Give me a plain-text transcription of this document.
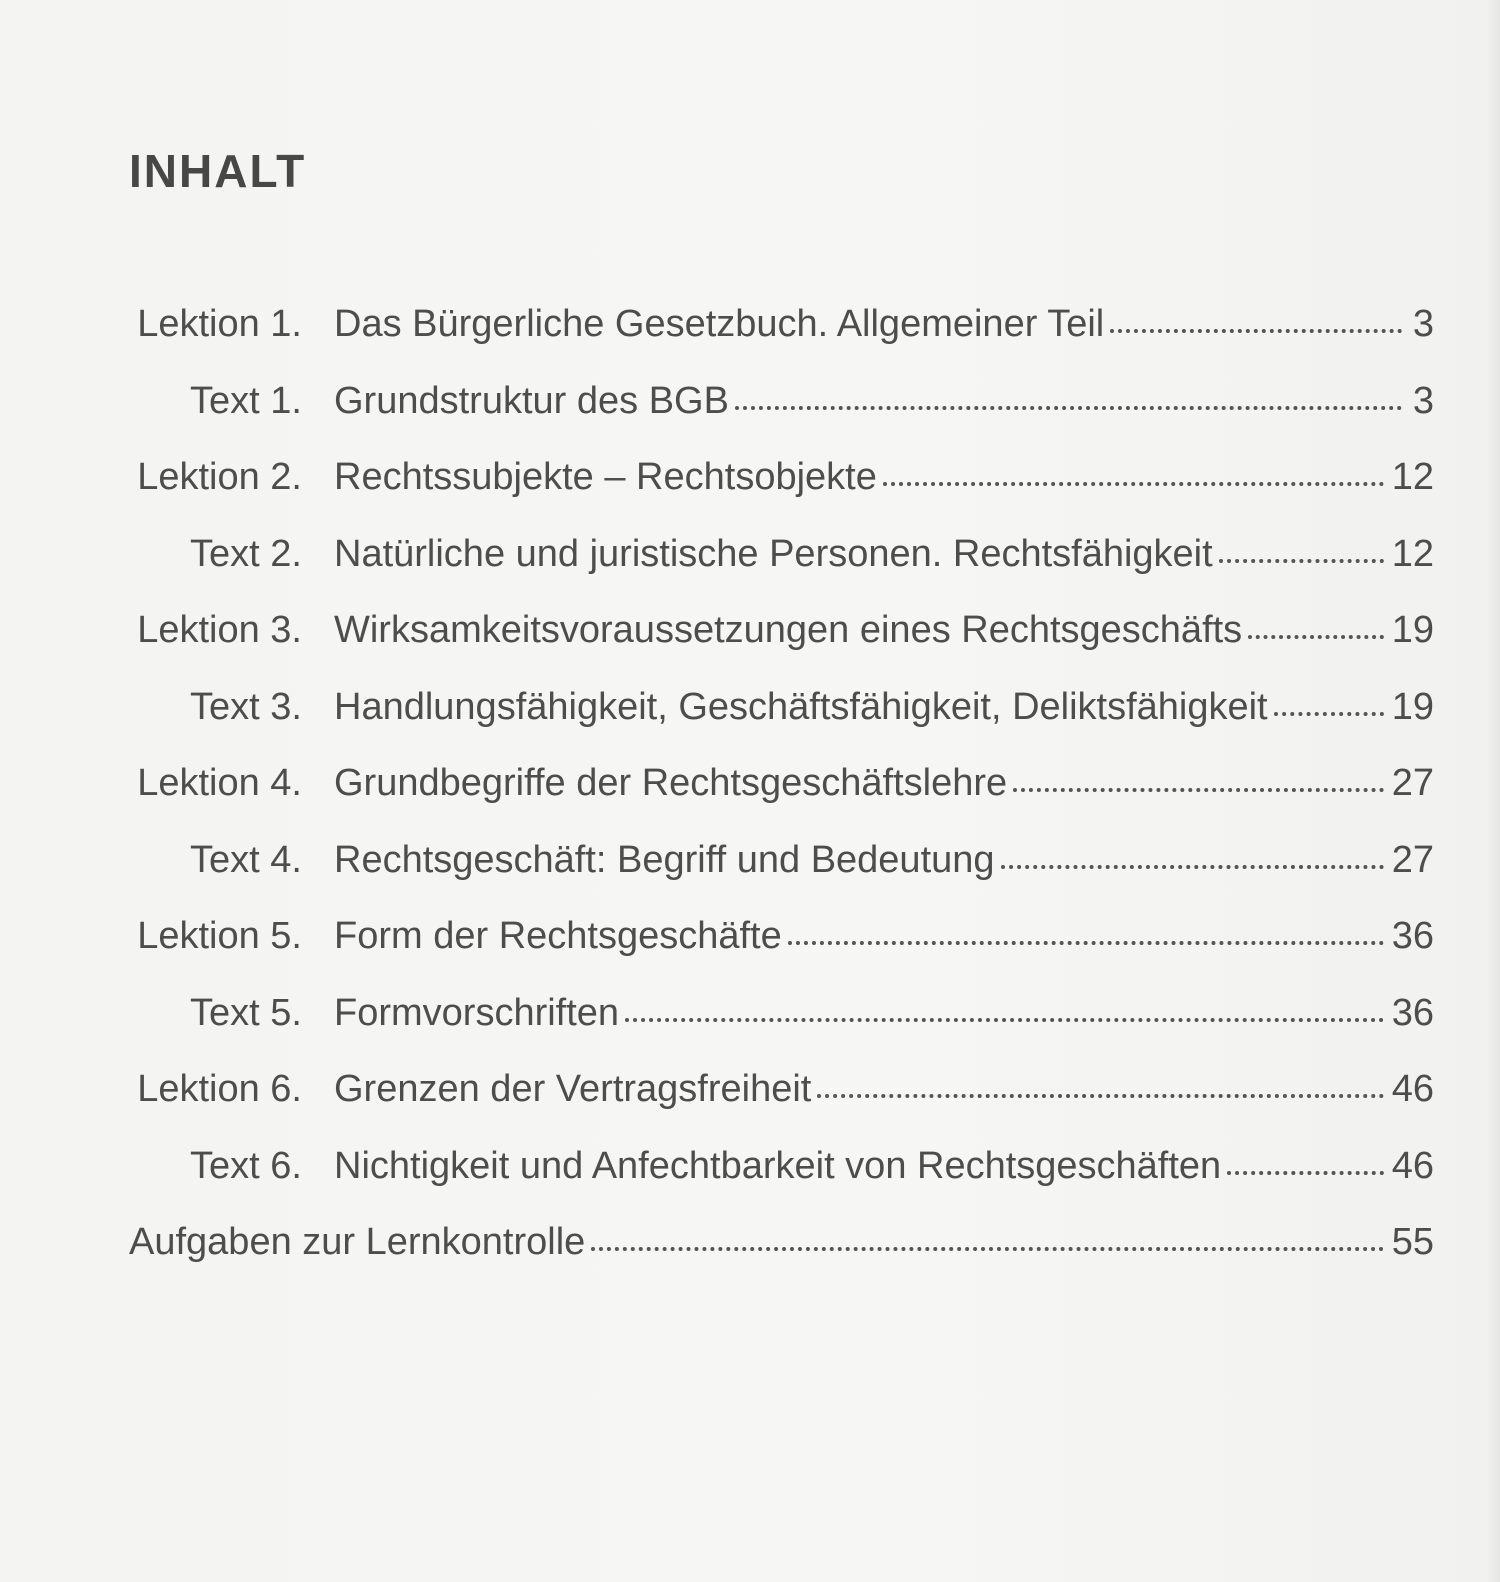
INHALT
Lektion 1. Das Bürgerliche Gesetzbuch. Allgemeiner Teil	3
Text 1. Grundstruktur des BGB	3
Lektion 2. Rechtssubjekte – Rechtsobjekte	12
Text 2. Natürliche und juristische Personen. Rechtsfähigkeit	12
Lektion 3. Wirksamkeitsvoraussetzungen eines Rechtsgeschäfts	19
Text 3. Handlungsfähigkeit, Geschäftsfähigkeit, Deliktsfähigkeit	19
Lektion 4. Grundbegriffe der Rechtsgeschäftslehre	27
Text 4. Rechtsgeschäft: Begriff und Bedeutung	27
Lektion 5. Form der Rechtsgeschäfte	36
Text 5. Formvorschriften	36
Lektion 6. Grenzen der Vertragsfreiheit	46
Text 6. Nichtigkeit und Anfechtbarkeit von Rechtsgeschäften	46
Aufgaben zur Lernkontrolle	55
